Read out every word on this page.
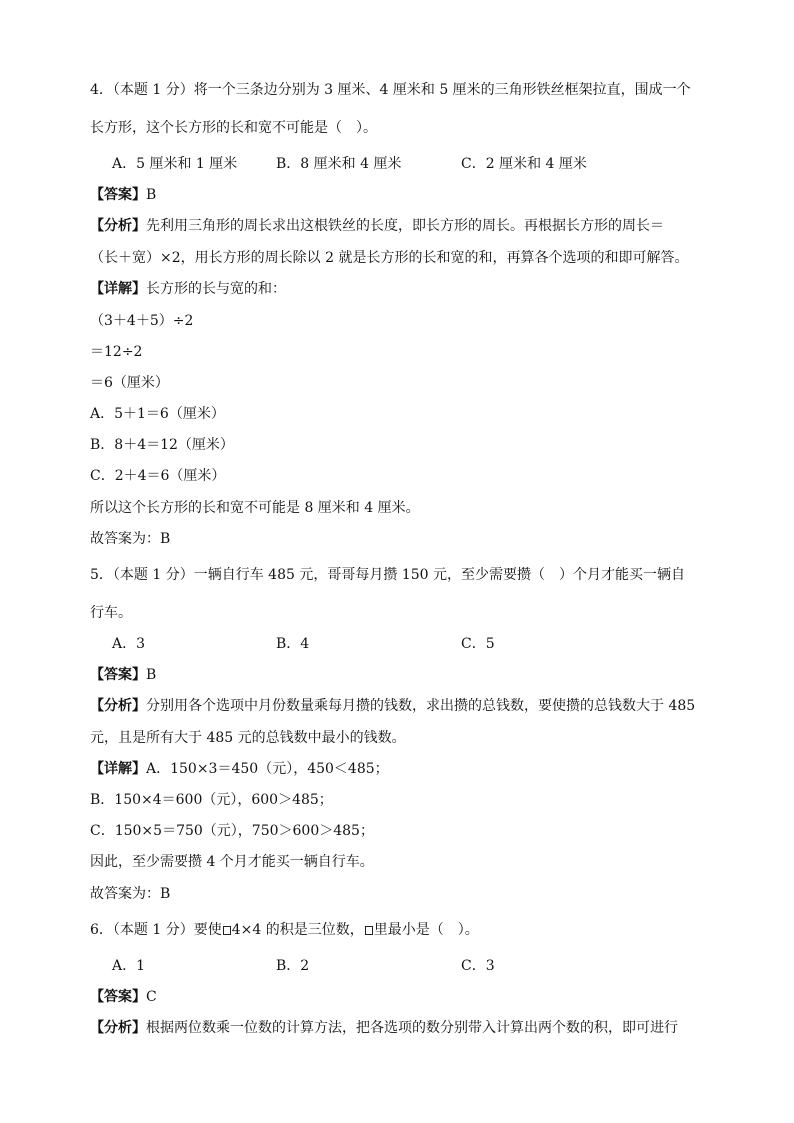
4．（本题 1 分）将一个三条边分别为 3 厘米、4 厘米和 5 厘米的三角形铁丝框架拉直，围成一个
长方形，这个长方形的长和宽不可能是（　）。
A．5 厘米和 1 厘米	B．8 厘米和 4 厘米	C．2 厘米和 4 厘米
【答案】B
【分析】先利用三角形的周长求出这根铁丝的长度，即长方形的周长。再根据长方形的周长＝
（长＋宽）×2，用长方形的周长除以 2 就是长方形的长和宽的和，再算各个选项的和即可解答。
【详解】长方形的长与宽的和：
（3＋4＋5）÷2
＝12÷2
＝6（厘米）
A．5＋1＝6（厘米）
B．8＋4＝12（厘米）
C．2＋4＝6（厘米）
所以这个长方形的长和宽不可能是 8 厘米和 4 厘米。
故答案为：B
5．（本题 1 分）一辆自行车 485 元，哥哥每月攒 150 元，至少需要攒（　）个月才能买一辆自
行车。
A．3	B．4	C．5
【答案】B
【分析】分别用各个选项中月份数量乘每月攒的钱数，求出攒的总钱数，要使攒的总钱数大于 485
元，且是所有大于 485 元的总钱数中最小的钱数。
【详解】A．150×3＝450（元），450＜485；
B．150×4＝600（元），600＞485；
C．150×5＝750（元），750＞600＞485；
因此，至少需要攒 4 个月才能买一辆自行车。
故答案为：B
6．（本题 1 分）要使 4×4 的积是三位数， 里最小是（　）。
A．1	B．2	C．3
【答案】C
【分析】根据两位数乘一位数的计算方法，把各选项的数分别带入计算出两个数的积，即可进行
